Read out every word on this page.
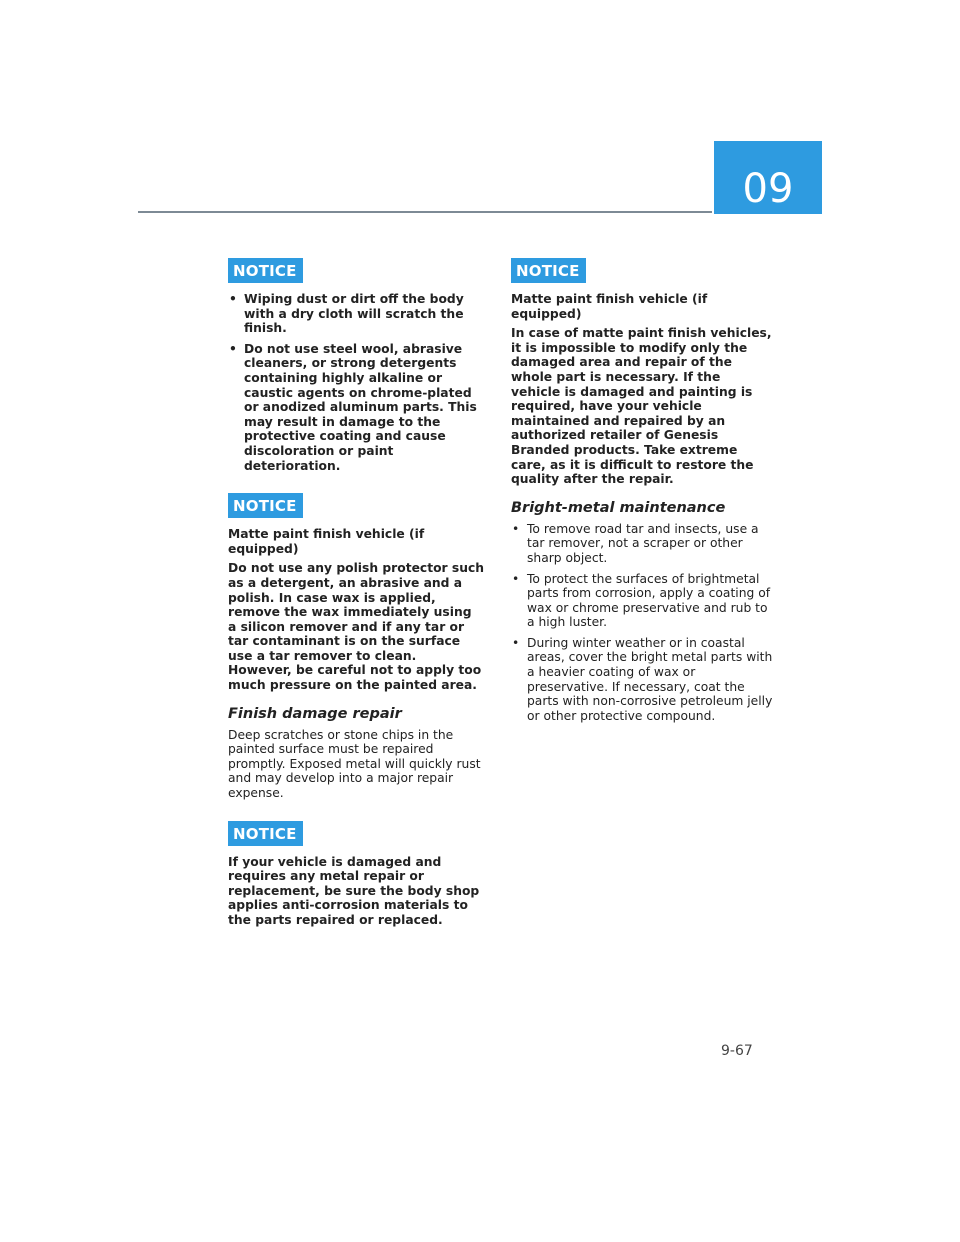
09
NOTICE
• Wiping dust or dirt off the body with a dry cloth will scratch the finish.
• Do not use steel wool, abrasive cleaners, or strong detergents containing highly alkaline or caustic agents on chrome-plated or anodized aluminum parts. This may result in damage to the protective coating and cause discoloration or paint deterioration.
NOTICE

Matte paint finish vehicle (if equipped)

Do not use any polish protector such as a detergent, an abrasive and a polish. In case wax is applied, remove the wax immediately using a silicon remover and if any tar or tar contaminant is on the surface use a tar remover to clean. However, be careful not to apply too much pressure on the painted area.

Finish damage repair

Deep scratches or stone chips in the painted surface must be repaired promptly. Exposed metal will quickly rust and may develop into a major repair expense.

NOTICE

If your vehicle is damaged and requires any metal repair or replacement, be sure the body shop applies anti-corrosion materials to the parts repaired or replaced.

NOTICE

Matte paint finish vehicle (if equipped)

In case of matte paint finish vehicles, it is impossible to modify only the damaged area and repair of the whole part is necessary. If the vehicle is damaged and painting is required, have your vehicle maintained and repaired by an authorized retailer of Genesis Branded products. Take extreme care, as it is difficult to restore the quality after the repair.

Bright-metal maintenance
• To remove road tar and insects, use a tar remover, not a scraper or other sharp object.
• To protect the surfaces of brightmetal parts from corrosion, apply a coating of wax or chrome preservative and rub to a high luster.
• During winter weather or in coastal areas, cover the bright metal parts with a heavier coating of wax or preservative. If necessary, coat the parts with non-corrosive petroleum jelly or other protective compound.
9-67
